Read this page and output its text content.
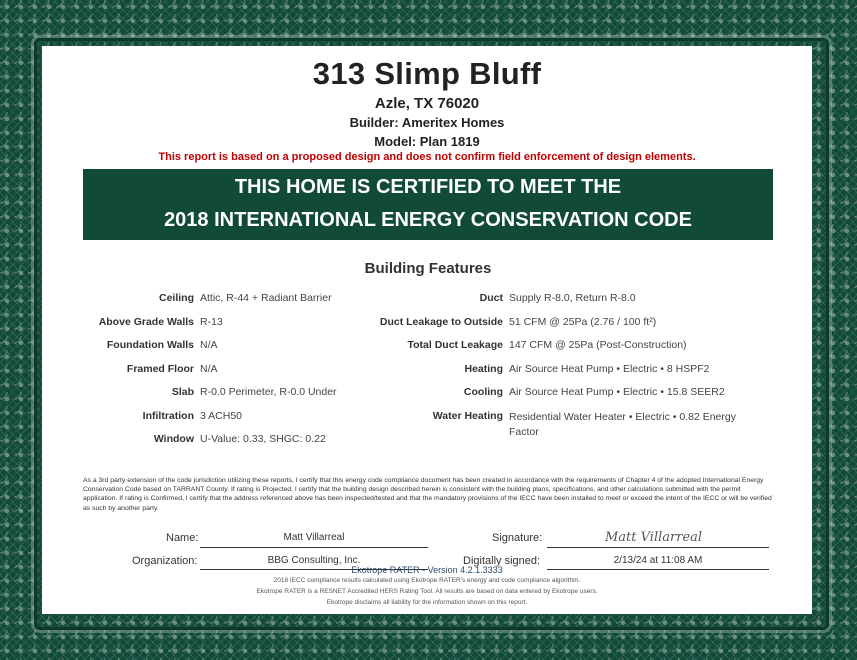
313 Slimp Bluff
Azle, TX 76020
Builder: Ameritex Homes
Model: Plan 1819
This report is based on a proposed design and does not confirm field enforcement of design elements.
THIS HOME IS CERTIFIED TO MEET THE
2018 INTERNATIONAL ENERGY CONSERVATION CODE
Building Features
Ceiling Attic, R-44 + Radiant Barrier
Above Grade Walls R-13
Foundation Walls N/A
Framed Floor N/A
Slab R-0.0 Perimeter, R-0.0 Under
Infiltration 3 ACH50
Window U-Value: 0.33, SHGC: 0.22
Duct Supply R-8.0, Return R-8.0
Duct Leakage to Outside 51 CFM @ 25Pa (2.76 / 100 ft²)
Total Duct Leakage 147 CFM @ 25Pa (Post-Construction)
Heating Air Source Heat Pump • Electric • 8 HSPF2
Cooling Air Source Heat Pump • Electric • 15.8 SEER2
Water Heating Residential Water Heater • Electric • 0.82 Energy Factor
As a 3rd party extension of the code jurisdiction utilizing these reports, I certify that this energy code compliance document has been created in accordance with the requirements of Chapter 4 of the adopted International Energy Conservation Code based on TARRANT County. If rating is Projected, I certify that the building design described herein is consistent with the building plans, specifications, and other calculations submitted with the permit application. If rating is Confirmed, I certify that the address referenced above has been inspected/tested and that the mandatory provisions of the IECC have been installed to meet or exceed the intent of the IECC or will be verified as such by another party.
Name:	Matt Villarreal	Signature:	Matt Villarreal
Organization:	BBG Consulting, Inc.	Digitally signed:	2/13/24 at 11:08 AM
Ekotrope RATER - Version 4.2.1.3333
2018 IECC compliance results calculated using Ekotrope RATER's energy and code compliance algorithm.
Ekotrope RATER is a RESNET Accredited HERS Rating Tool. All results are based on data entered by Ekotrope users.
Ekotrope disclaims all liability for the information shown on this report.
